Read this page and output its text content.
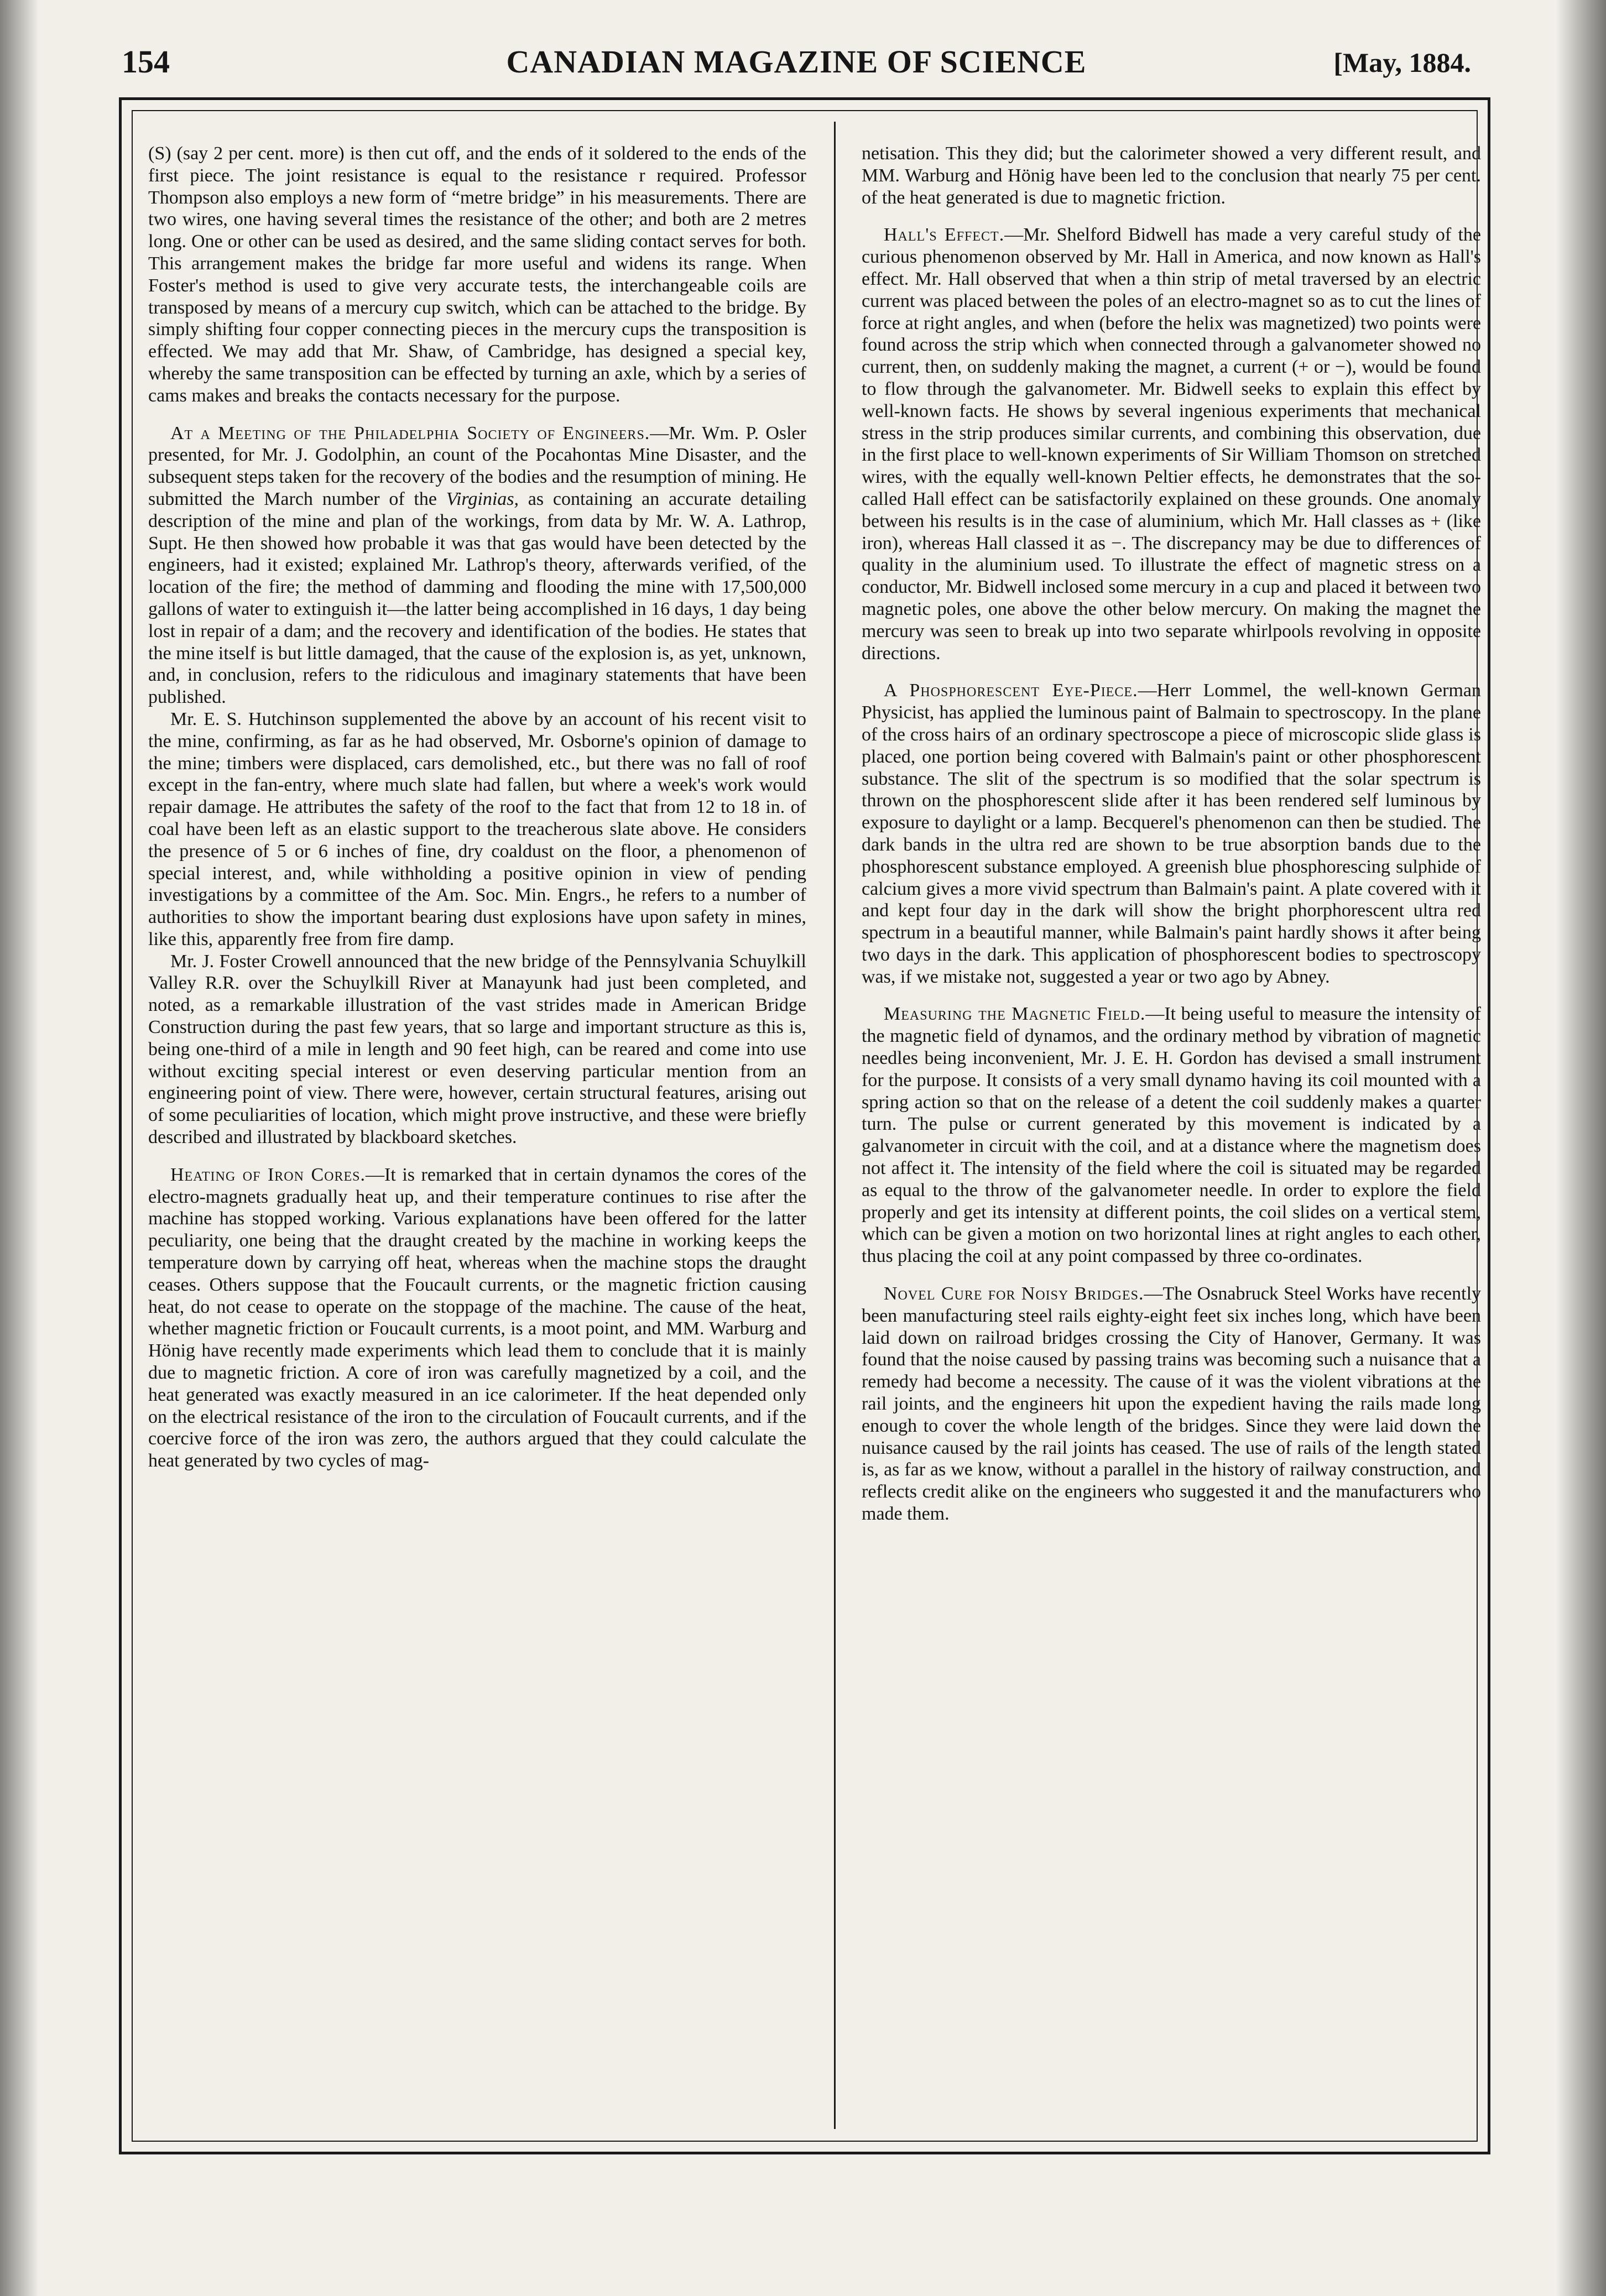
154	CANADIAN MAGAZINE OF SCIENCE	[May, 1884.

(S) (say 2 per cent. more) is then cut off, and the ends of it soldered to the ends of the first piece. The joint resistance is equal to the resistance r required. Professor Thompson also employs a new form of “metre bridge” in his measurements. There are two wires, one having several times the resistance of the other; and both are 2 metres long. One or other can be used as desired, and the same sliding contact serves for both. This arrangement makes the bridge far more useful and widens its range. When Foster's method is used to give very accurate tests, the interchangeable coils are transposed by means of a mercury cup switch, which can be attached to the bridge. By simply shifting four copper connecting pieces in the mercury cups the transposition is effected. We may add that Mr. Shaw, of Cambridge, has designed a special key, whereby the same transposition can be effected by turning an axle, which by a series of cams makes and breaks the contacts necessary for the purpose.

At a Meeting of the Philadelphia Society of Engineers.—Mr. Wm. P. Osler presented, for Mr. J. Godolphin, an count of the Pocahontas Mine Disaster, and the subsequent steps taken for the recovery of the bodies and the resumption of mining. He submitted the March number of the Virginias, as containing an accurate detailing description of the mine and plan of the workings, from data by Mr. W. A. Lathrop, Supt. He then showed how probable it was that gas would have been detected by the engineers, had it existed; explained Mr. Lathrop's theory, afterwards verified, of the location of the fire; the method of damming and flooding the mine with 17,500,000 gallons of water to extinguish it—the latter being accomplished in 16 days, 1 day being lost in repair of a dam; and the recovery and identification of the bodies. He states that the mine itself is but little damaged, that the cause of the explosion is, as yet, unknown, and, in conclusion, refers to the ridiculous and imaginary statements that have been published.

Mr. E. S. Hutchinson supplemented the above by an account of his recent visit to the mine, confirming, as far as he had observed, Mr. Osborne's opinion of damage to the mine; timbers were displaced, cars demolished, etc., but there was no fall of roof except in the fan-entry, where much slate had fallen, but where a week's work would repair damage. He attributes the safety of the roof to the fact that from 12 to 18 in. of coal have been left as an elastic support to the treacherous slate above. He considers the presence of 5 or 6 inches of fine, dry coaldust on the floor, a phenomenon of special interest, and, while withholding a positive opinion in view of pending investigations by a committee of the Am. Soc. Min. Engrs., he refers to a number of authorities to show the important bearing dust explosions have upon safety in mines, like this, apparently free from fire damp.

Mr. J. Foster Crowell announced that the new bridge of the Pennsylvania Schuylkill Valley R.R. over the Schuylkill River at Manayunk had just been completed, and noted, as a remarkable illustration of the vast strides made in American Bridge Construction during the past few years, that so large and important structure as this is, being one-third of a mile in length and 90 feet high, can be reared and come into use without exciting special interest or even deserving particular mention from an engineering point of view. There were, however, certain structural features, arising out of some peculiarities of location, which might prove instructive, and these were briefly described and illustrated by blackboard sketches.

Heating of Iron Cores.—It is remarked that in certain dynamos the cores of the electro-magnets gradually heat up, and their temperature continues to rise after the machine has stopped working. Various explanations have been offered for the latter peculiarity, one being that the draught created by the machine in working keeps the temperature down by carrying off heat, whereas when the machine stops the draught ceases. Others suppose that the Foucault currents, or the magnetic friction causing heat, do not cease to operate on the stoppage of the machine. The cause of the heat, whether magnetic friction or Foucault currents, is a moot point, and MM. Warburg and Hönig have recently made experiments which lead them to conclude that it is mainly due to magnetic friction. A core of iron was carefully magnetized by a coil, and the heat generated was exactly measured in an ice calorimeter. If the heat depended only on the electrical resistance of the iron to the circulation of Foucault currents, and if the coercive force of the iron was zero, the authors argued that they could calculate the heat generated by two cycles of mag-

netisation. This they did; but the calorimeter showed a very different result, and MM. Warburg and Hönig have been led to the conclusion that nearly 75 per cent. of the heat generated is due to magnetic friction.

Hall's Effect.—Mr. Shelford Bidwell has made a very careful study of the curious phenomenon observed by Mr. Hall in America, and now known as Hall's effect. Mr. Hall observed that when a thin strip of metal traversed by an electric current was placed between the poles of an electro-magnet so as to cut the lines of force at right angles, and when (before the helix was magnetized) two points were found across the strip which when connected through a galvanometer showed no current, then, on suddenly making the magnet, a current (+ or −), would be found to flow through the galvanometer. Mr. Bidwell seeks to explain this effect by well-known facts. He shows by several ingenious experiments that mechanical stress in the strip produces similar currents, and combining this observation, due in the first place to well-known experiments of Sir William Thomson on stretched wires, with the equally well-known Peltier effects, he demonstrates that the so-called Hall effect can be satisfactorily explained on these grounds. One anomaly between his results is in the case of aluminium, which Mr. Hall classes as + (like iron), whereas Hall classed it as −. The discrepancy may be due to differences of quality in the aluminium used. To illustrate the effect of magnetic stress on a conductor, Mr. Bidwell inclosed some mercury in a cup and placed it between two magnetic poles, one above the other below mercury. On making the magnet the mercury was seen to break up into two separate whirlpools revolving in opposite directions.

A Phosphorescent Eye-Piece.—Herr Lommel, the well-known German Physicist, has applied the luminous paint of Balmain to spectroscopy. In the plane of the cross hairs of an ordinary spectroscope a piece of microscopic slide glass is placed, one portion being covered with Balmain's paint or other phosphorescent substance. The slit of the spectrum is so modified that the solar spectrum is thrown on the phosphorescent slide after it has been rendered self luminous by exposure to daylight or a lamp. Becquerel's phenomenon can then be studied. The dark bands in the ultra red are shown to be true absorption bands due to the phosphorescent substance employed. A greenish blue phosphorescing sulphide of calcium gives a more vivid spectrum than Balmain's paint. A plate covered with it and kept four day in the dark will show the bright phorphorescent ultra red spectrum in a beautiful manner, while Balmain's paint hardly shows it after being two days in the dark. This application of phosphorescent bodies to spectroscopy was, if we mistake not, suggested a year or two ago by Abney.

Measuring the Magnetic Field.—It being useful to measure the intensity of the magnetic field of dynamos, and the ordinary method by vibration of magnetic needles being inconvenient, Mr. J. E. H. Gordon has devised a small instrument for the purpose. It consists of a very small dynamo having its coil mounted with a spring action so that on the release of a detent the coil suddenly makes a quarter turn. The pulse or current generated by this movement is indicated by a galvanometer in circuit with the coil, and at a distance where the magnetism does not affect it. The intensity of the field where the coil is situated may be regarded as equal to the throw of the galvanometer needle. In order to explore the field properly and get its intensity at different points, the coil slides on a vertical stem, which can be given a motion on two horizontal lines at right angles to each other, thus placing the coil at any point compassed by three co-ordinates.

Novel Cure for Noisy Bridges.—The Osnabruck Steel Works have recently been manufacturing steel rails eighty-eight feet six inches long, which have been laid down on railroad bridges crossing the City of Hanover, Germany. It was found that the noise caused by passing trains was becoming such a nuisance that a remedy had become a necessity. The cause of it was the violent vibrations at the rail joints, and the engineers hit upon the expedient having the rails made long enough to cover the whole length of the bridges. Since they were laid down the nuisance caused by the rail joints has ceased. The use of rails of the length stated is, as far as we know, without a parallel in the history of railway construction, and reflects credit alike on the engineers who suggested it and the manufacturers who made them.
